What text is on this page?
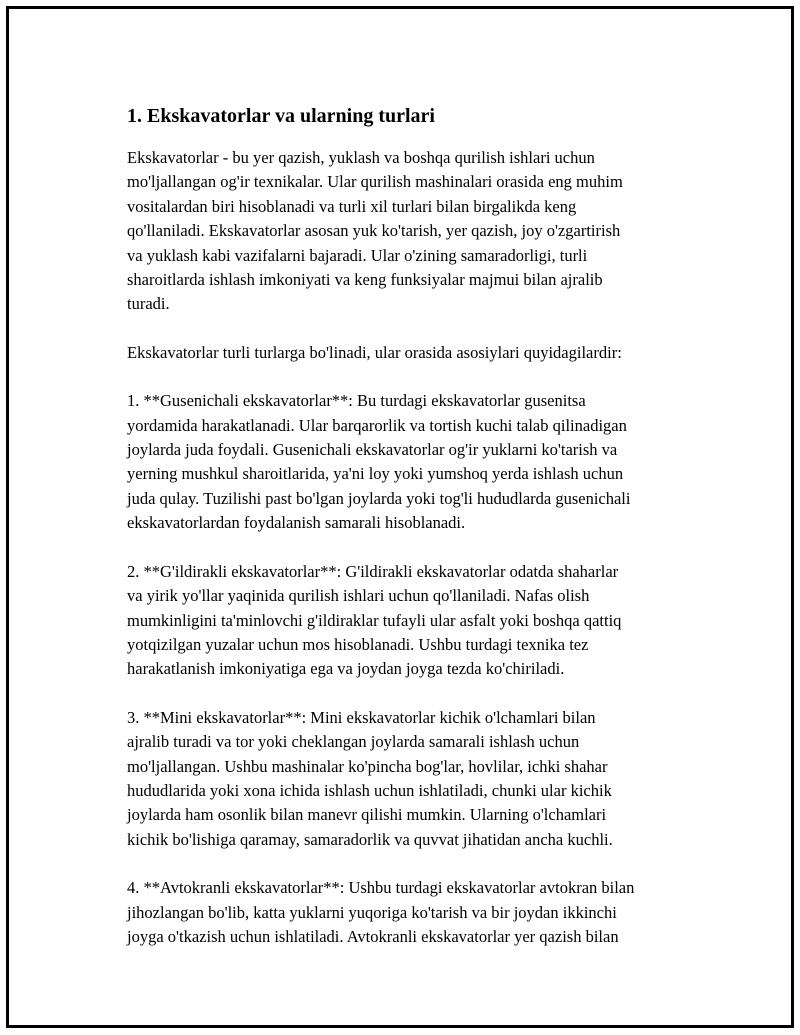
1. Ekskavatorlar va ularning turlari
Ekskavatorlar - bu yer qazish, yuklash va boshqa qurilish ishlari uchun
mo'ljallangan og'ir texnikalar. Ular qurilish mashinalari orasida eng muhim
vositalardan biri hisoblanadi va turli xil turlari bilan birgalikda keng
qo'llaniladi. Ekskavatorlar asosan yuk ko'tarish, yer qazish, joy o'zgartirish
va yuklash kabi vazifalarni bajaradi. Ular o'zining samaradorligi, turli
sharoitlarda ishlash imkoniyati va keng funksiyalar majmui bilan ajralib
turadi.
Ekskavatorlar turli turlarga bo'linadi, ular orasida asosiylari quyidagilardir:
1. **Gusenichali ekskavatorlar**: Bu turdagi ekskavatorlar gusenitsa
yordamida harakatlanadi. Ular barqarorlik va tortish kuchi talab qilinadigan
joylarda juda foydali. Gusenichali ekskavatorlar og'ir yuklarni ko'tarish va
yerning mushkul sharoitlarida, ya'ni loy yoki yumshoq yerda ishlash uchun
juda qulay. Tuzilishi past bo'lgan joylarda yoki tog'li hududlarda gusenichali
ekskavatorlardan foydalanish samarali hisoblanadi.
2. **G'ildirakli ekskavatorlar**: G'ildirakli ekskavatorlar odatda shaharlar
va yirik yo'llar yaqinida qurilish ishlari uchun qo'llaniladi. Nafas olish
mumkinligini ta'minlovchi g'ildiraklar tufayli ular asfalt yoki boshqa qattiq
yotqizilgan yuzalar uchun mos hisoblanadi. Ushbu turdagi texnika tez
harakatlanish imkoniyatiga ega va joydan joyga tezda ko'chiriladi.
3. **Mini ekskavatorlar**: Mini ekskavatorlar kichik o'lchamlari bilan
ajralib turadi va tor yoki cheklangan joylarda samarali ishlash uchun
mo'ljallangan. Ushbu mashinalar ko'pincha bog'lar, hovlilar, ichki shahar
hududlarida yoki xona ichida ishlash uchun ishlatiladi, chunki ular kichik
joylarda ham osonlik bilan manevr qilishi mumkin. Ularning o'lchamlari
kichik bo'lishiga qaramay, samaradorlik va quvvat jihatidan ancha kuchli.
4. **Avtokranli ekskavatorlar**: Ushbu turdagi ekskavatorlar avtokran bilan
jihozlangan bo'lib, katta yuklarni yuqoriga ko'tarish va bir joydan ikkinchi
joyga o'tkazish uchun ishlatiladi. Avtokranli ekskavatorlar yer qazish bilan
